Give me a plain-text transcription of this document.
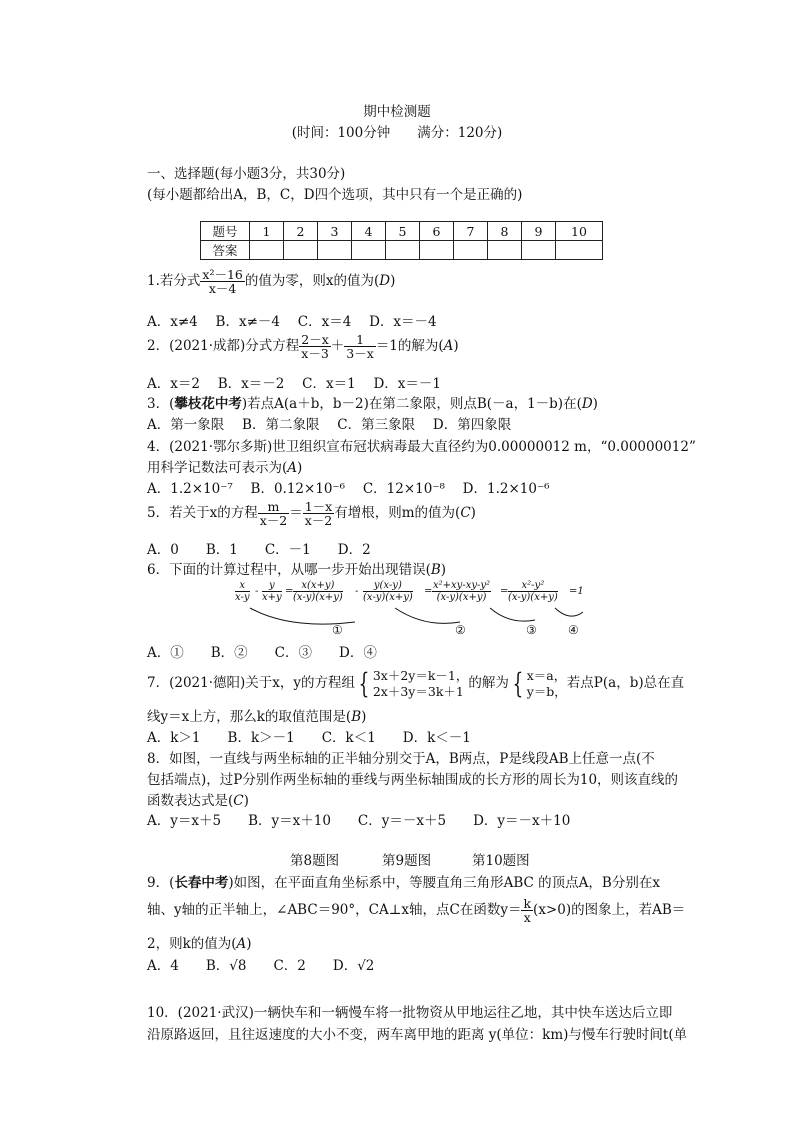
期中检测题
(时间：100分钟　　满分：120分)
一、选择题(每小题3分，共30分)
(每小题都给出A，B，C，D四个选项，其中只有一个是正确的)
题号	1	2	3	4	5	6	7	8	9	10
答案										
1.若分式 $\frac{\text{x²－16}}{x-4}$ 的值为零，则x的值为(D)
A．x≠4　 B．x≠－4　 C．x＝4　 D．x＝－4
2．(2021·成都)分式方程 $\frac{2-x}{x-3} + \frac{1}{3-x} =1$的解为(A)
A．x＝2　 B．x＝－2　 C．x＝1　 D．x＝－1
3．(攀枝花中考)若点A(a＋b，b－2)在第二象限，则点B(－a，1－b)在(D)
A．第一象限　 B．第二象限　 C．第三象限　 D．第四象限
4．(2021·鄂尔多斯)世卫组织宣布冠状病毒最大直径约为0.00000012 m，“0.00000012”
用科学记数法可表示为(A)
A．1.2×10⁻⁷　 B．0.12×10⁻⁶　 C．12×10⁻⁸　 D．1.2×10⁻⁶
5．若关于x的方程 $\frac{m}{x-2} = \frac{1-x}{x-2}$ 有增根，则m的值为(C)
A．0　　B．1　　C．－1　　D．2
6．下面的计算过程中，从哪一步开始出现错误(B)
x
x-y
-
y
x+y
=
x(x+y)
(x-y)(x+y)
-
y(x-y)
(x-y)(x+y)
=
x²+xy-xy-y²
(x-y)(x+y)
=
x²-y²
(x-y)(x+y)
=1
①	②	③	④
A．①　　B．②　　C．③　　D．④
7．(2021·德阳)关于x，y的方程组 { 3x＋2y＝k－1，
2x＋3y＝3k＋1 的解为 { x＝a，
y＝b， 若点P(a，b)总在直
线y＝x上方，那么k的取值范围是(B)
A．k＞1　　B．k＞－1　　C．k＜1　　D．k＜－1
8．如图，一直线与两坐标轴的正半轴分别交于A，B两点，P是线段AB上任意一点(不
包括端点)，过P分别作两坐标轴的垂线与两坐标轴围成的长方形的周长为10，则该直线的
函数表达式是(C)
A．y＝x＋5　　B．y＝x＋10　　C．y＝－x＋5　　D．y＝－x＋10
第8题图	第9题图	第10题图
9．(长春中考)如图，在平面直角坐标系中，等腰直角三角形ABC 的顶点A，B分别在x
轴、y轴的正半轴上，∠ABC＝90°，CA⊥x轴，点C在函数$y= \frac{k}{x} (x>0)$的图象上，若AB＝
2，则k的值为(A)
A．4　　B．√8　　C．2　　D．√2
10．(2021·武汉)一辆快车和一辆慢车将一批物资从甲地运往乙地，其中快车送达后立即
沿原路返回，且往返速度的大小不变，两车离甲地的距离 y(单位：km)与慢车行驶时间t(单
